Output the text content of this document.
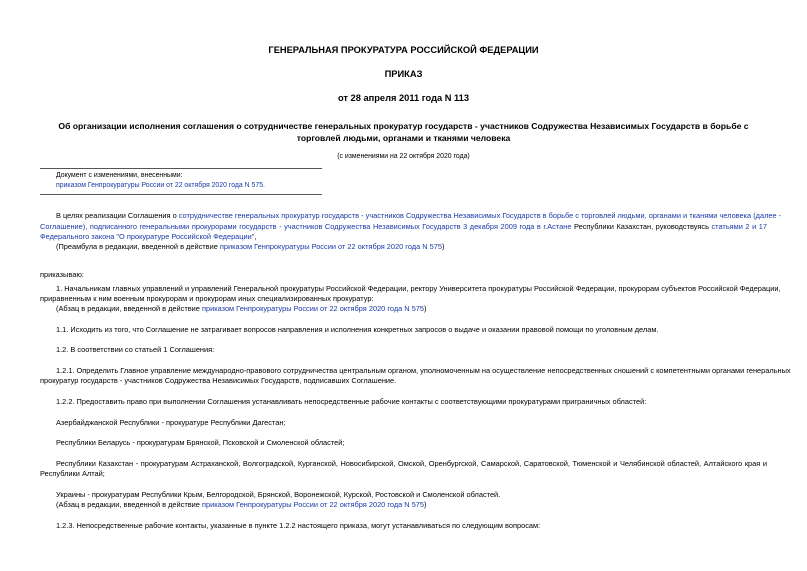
ГЕНЕРАЛЬНАЯ ПРОКУРАТУРА РОССИЙСКОЙ ФЕДЕРАЦИИ
ПРИКАЗ
от 28 апреля 2011 года N 113
Об организации исполнения соглашения о сотрудничестве генеральных прокуратур государств - участников Содружества Независимых Государств в борьбе с
торговлей людьми, органами и тканями человека
(с изменениями на 22 октября 2020 года)
Документ с изменениями, внесенными:
приказом Генпрокуратуры России от 22 октября 2020 года N 575.
В целях реализации Соглашения о сотрудничестве генеральных прокуратур государств - участников Содружества Независимых Государств в борьбе с торговлей людьми, органами и тканями человека (далее -
Соглашение), подписанного генеральными прокурорами государств - участников Содружества Независимых Государств 3 декабря 2009 года в г.Астане Республики Казахстан, руководствуясь статьями 2 и 17
Федерального закона "О прокуратуре Российской Федерации",
(Преамбула в редакции, введенной в действие приказом Генпрокуратуры России от 22 октября 2020 года N 575)
приказываю:
1. Начальникам главных управлений и управлений Генеральной прокуратуры Российской Федерации, ректору Университета прокуратуры Российской Федерации, прокурорам субъектов Российской Федерации,
приравненным к ним военным прокурорам и прокурорам иных специализированных прокуратур:
(Абзац в редакции, введенной в действие приказом Генпрокуратуры России от 22 октября 2020 года N 575)
1.1. Исходить из того, что Соглашение не затрагивает вопросов направления и исполнения конкретных запросов о выдаче и оказании правовой помощи по уголовным делам.
1.2. В соответствии со статьей 1 Соглашения:
1.2.1. Определить Главное управление международно-правового сотрудничества центральным органом, уполномоченным на осуществление непосредственных сношений с компетентными органами генеральных
прокуратур государств - участников Содружества Независимых Государств, подписавших Соглашение.
1.2.2. Предоставить право при выполнении Соглашения устанавливать непосредственные рабочие контакты с соответствующими прокуратурами приграничных областей:
Азербайджанской Республики - прокуратуре Республики Дагестан;
Республики Беларусь - прокуратурам Брянской, Псковской и Смоленской областей;
Республики Казахстан - прокуратурам Астраханской, Волгоградской, Курганской, Новосибирской, Омской, Оренбургской, Самарской, Саратовской, Тюменской и Челябинской областей, Алтайского края и
Республики Алтай;
Украины - прокуратурам Республики Крым, Белгородской, Брянской, Воронежской, Курской, Ростовской и Смоленской областей.
(Абзац в редакции, введенной в действие приказом Генпрокуратуры России от 22 октября 2020 года N 575)
1.2.3. Непосредственные рабочие контакты, указанные в пункте 1.2.2 настоящего приказа, могут устанавливаться по следующим вопросам:
